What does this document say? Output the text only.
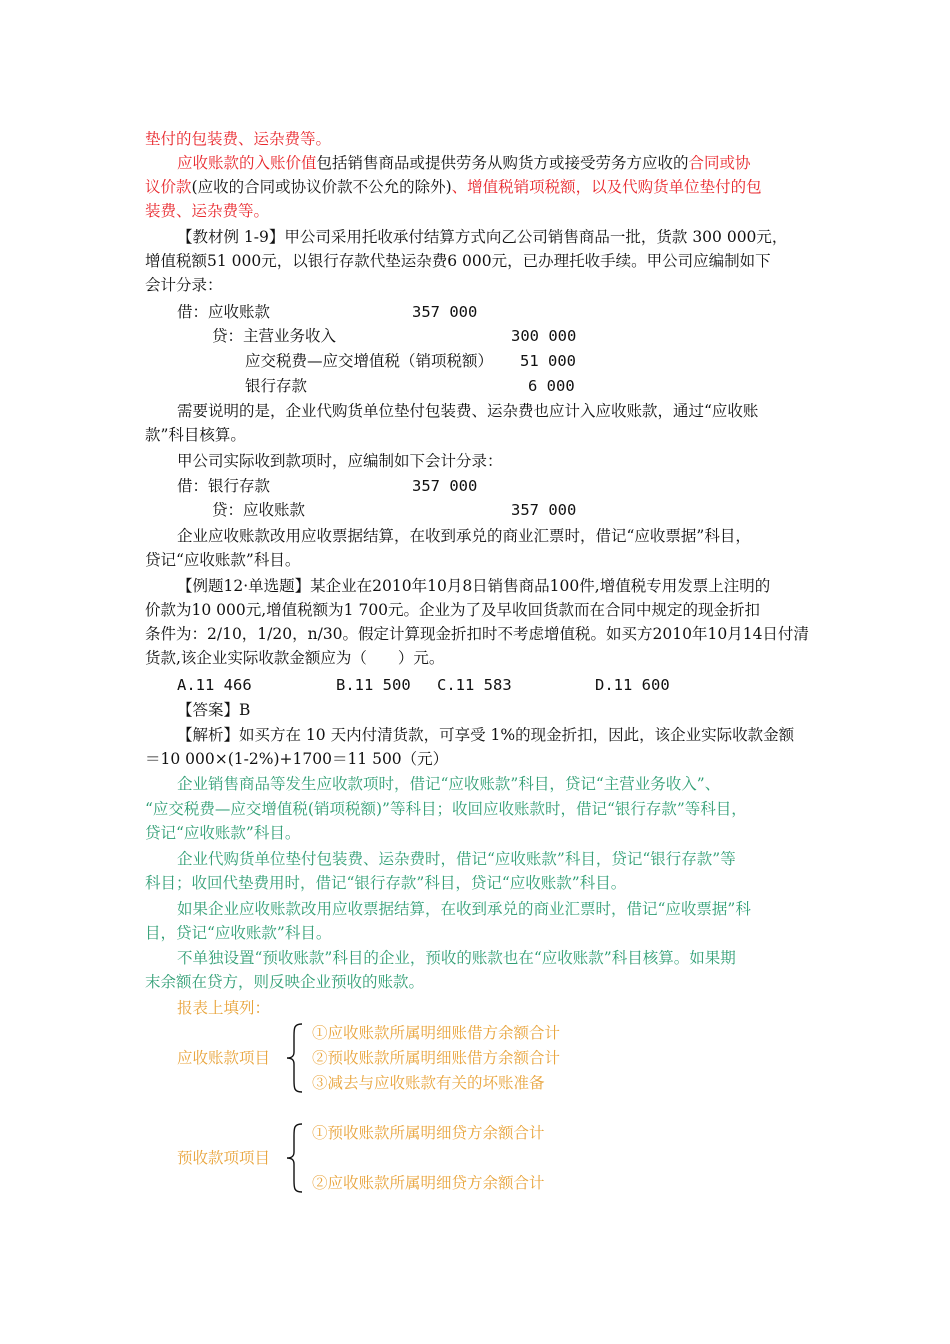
垫付的包装费、运杂费等。
应收账款的入账价值包括销售商品或提供劳务从购货方或接受劳务方应收的合同或协
议价款(应收的合同或协议价款不公允的除外)、增值税销项税额，以及代购货单位垫付的包
装费、运杂费等。
【教材例 1-9】甲公司采用托收承付结算方式向乙公司销售商品一批，货款 300 000元，
增值税额51 000元，以银行存款代垫运杂费6 000元，已办理托收手续。甲公司应编制如下
会计分录：
借：应收账款	357 000
贷：主营业务收入	300 000
应交税费—应交增值税（销项税额） 51 000
银行存款	6 000
需要说明的是，企业代购货单位垫付包装费、运杂费也应计入应收账款，通过“应收账
款”科目核算。
甲公司实际收到款项时，应编制如下会计分录：
借：银行存款	357 000
贷：应收账款	357 000
企业应收账款改用应收票据结算，在收到承兑的商业汇票时，借记“应收票据”科目，
贷记“应收账款”科目。
【例题12·单选题】某企业在2010年10月8日销售商品100件,增值税专用发票上注明的
价款为10 000元,增值税额为1 700元。企业为了及早收回货款而在合同中规定的现金折扣
条件为：2/10，1/20，n/30。假定计算现金折扣时不考虑增值税。如买方2010年10月14日付清
货款,该企业实际收款金额应为（　　）元。
A.11 466	B.11 500 C.11 583	D.11 600
【答案】B
【解析】如买方在 10 天内付清货款，可享受 1%的现金折扣，因此，该企业实际收款金额
＝10 000×(1-2%)+1700＝11 500（元）
企业销售商品等发生应收款项时，借记“应收账款”科目，贷记“主营业务收入”、
“应交税费—应交增值税(销项税额)”等科目；收回应收账款时，借记“银行存款”等科目，
贷记“应收账款”科目。
企业代购货单位垫付包装费、运杂费时，借记“应收账款”科目，贷记“银行存款”等
科目；收回代垫费用时，借记“银行存款”科目，贷记“应收账款”科目。
如果企业应收账款改用应收票据结算，在收到承兑的商业汇票时，借记“应收票据”科
目，贷记“应收账款”科目。
不单独设置“预收账款”科目的企业，预收的账款也在“应收账款”科目核算。如果期
末余额在贷方，则反映企业预收的账款。
报表上填列：
应收账款项目
①应收账款所属明细账借方余额合计
②预收账款所属明细账借方余额合计
③减去与应收账款有关的坏账准备
预收款项项目
①预收账款所属明细贷方余额合计
②应收账款所属明细贷方余额合计
